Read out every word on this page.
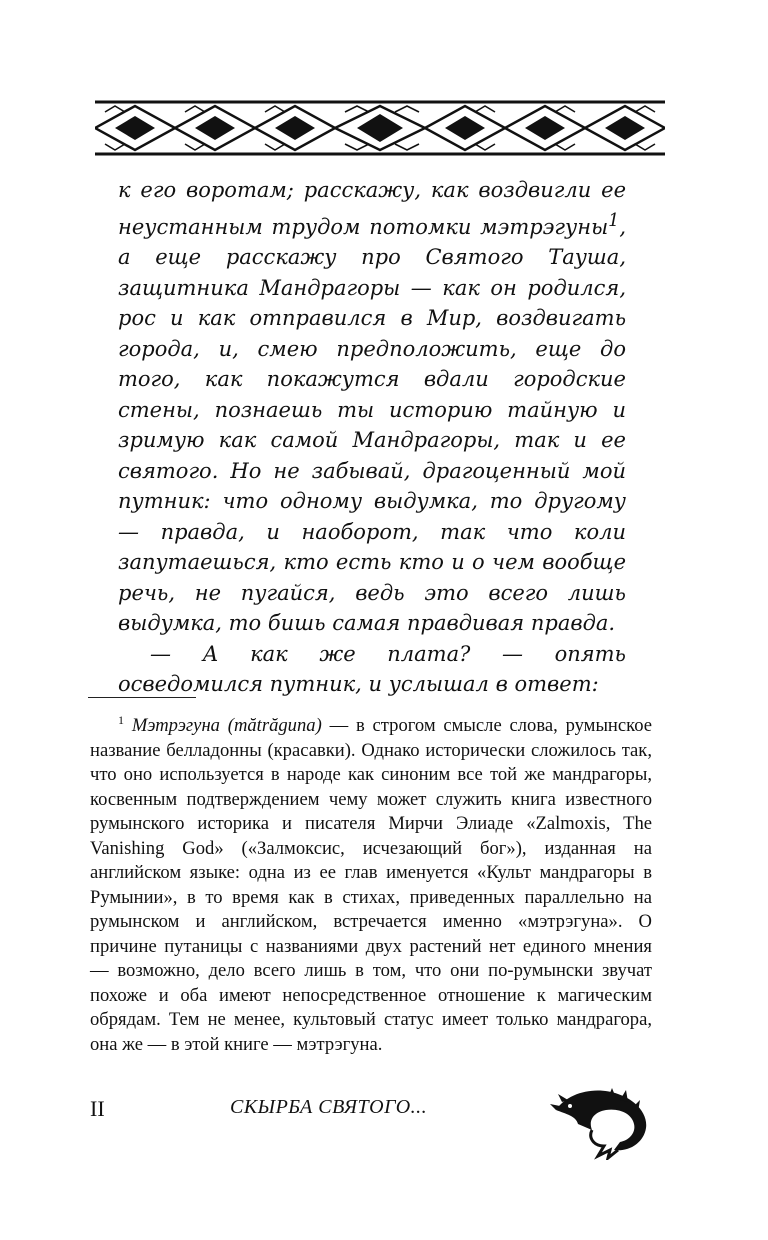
к его воротам; расскажу, как воздвигли ее неустанным трудом потомки мэтрэгуны$^1$, а еще расскажу про Святого Тауша, защитника Мандрагоры — как он родился, рос и как отправился в Мир, воздвигать города, и, смею предположить, еще до того, как покажутся вдали городские стены, познаешь ты историю тайную и зримую как самой Мандрагоры, так и ее святого. Но не забывай, драгоценный мой путник: что одному выдумка, то другому — правда, и наоборот, так что коли запутаешься, кто есть кто и о чем вообще речь, не пугайся, ведь это всего лишь выдумка, то бишь самая правдивая правда.

— А как же плата? — опять осведомился путник, и услышал в ответ:

$^1$ Мэтрэгуна (mătrăguna) — в строгом смысле слова, румынское название белладонны (красавки). Однако исторически сложилось так, что оно используется в народе как синоним все той же мандрагоры, косвенным подтверждением чему может служить книга известного румынского историка и писателя Мирчи Элиаде «Zalmoxis, The Vanishing God» («Залмоксис, исчезающий бог»), изданная на английском языке: одна из ее глав именуется «Культ мандрагоры в Румынии», в то время как в стихах, приведенных параллельно на румынском и английском, встречается именно «мэтрэгуна». О причине путаницы с названиями двух растений нет единого мнения — возможно, дело всего лишь в том, что они по-румынски звучат похоже и оба имеют непосредственное отношение к магическим обрядам. Тем не менее, культовый статус имеет только мандрагора, она же — в этой книге — мэтрэгуна.

II	СКЫРБА СВЯТОГО...
